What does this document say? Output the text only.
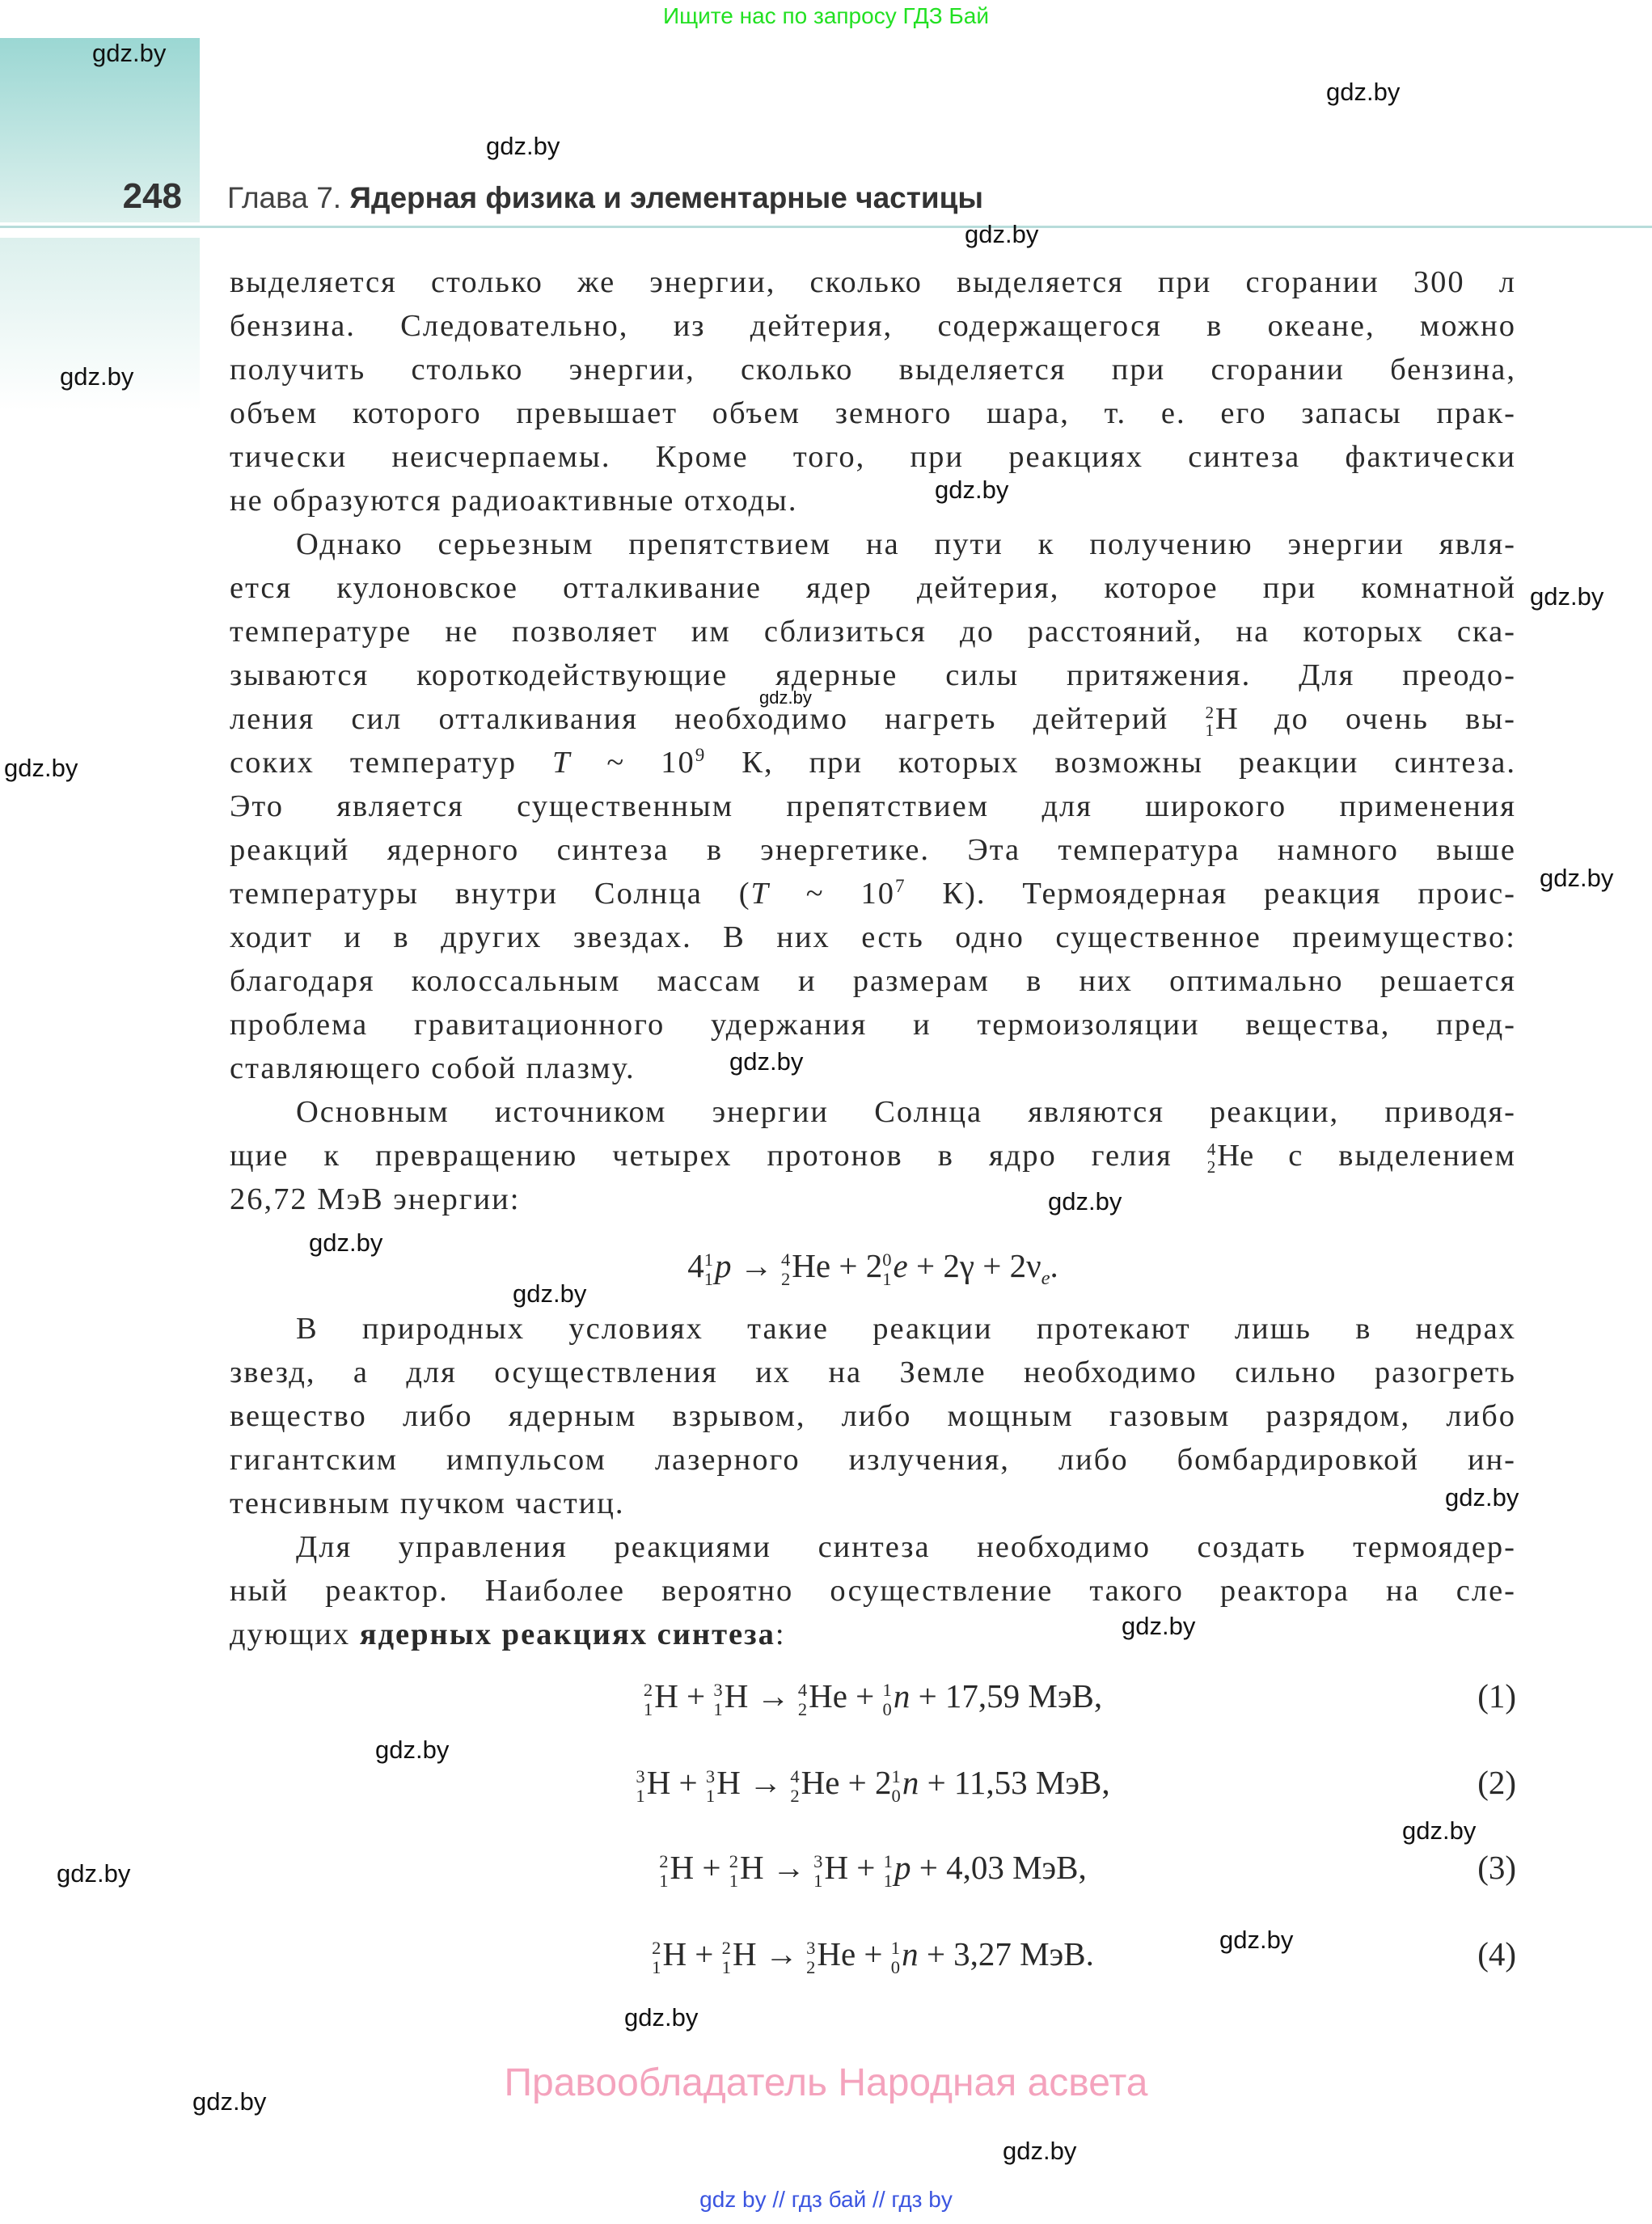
Ищите нас по запросу ГДЗ Бай
248 Глава 7. Ядерная физика и элементарные частицы
выделяется столько же энергии, сколько выделяется при сгорании 300 л
бензина. Следовательно, из дейтерия, содержащегося в океане, можно
получить столько энергии, сколько выделяется при сгорании бензина,
объем которого превышает объем земного шара, т. е. его запасы прак-
тически неисчерпаемы. Кроме того, при реакциях синтеза фактически
не образуются радиоактивные отходы.
Однако серьезным препятствием на пути к получению энергии явля-
ется кулоновское отталкивание ядер дейтерия, которое при комнатной
температуре не позволяет им сблизиться до расстояний, на которых ска-
зываются короткодействующие ядерные силы притяжения. Для преодо-
ления сил отталкивания необходимо нагреть дейтерий 2
1 H до очень вы-
соких температур T ~ $10^9$ К, при которых возможны реакции синтеза.
Это является существенным препятствием для широкого применения
реакций ядерного синтеза в энергетике. Эта температура намного выше
температуры внутри Солнца (T ~ $10^7$ К). Термоядерная реакция проис-
ходит и в других звездах. В них есть одно существенное преимущество:
благодаря колоссальным массам и размерам в них оптимально решается
проблема гравитационного удержания и термоизоляции вещества, пред-
ставляющего собой плазму.
Основным источником энергии Солнца являются реакции, приводя-
щие к превращению четырех протонов в ядро гелия 4
2 He с выделением
26,72 МэВ энергии:
4 1
1 p → 4
2 He + 2 0
1 $e + 2\gamma + 2\nu_e$.
В природных условиях такие реакции протекают лишь в недрах
звезд, а для осуществления их на Земле необходимо сильно разогреть
вещество либо ядерным взрывом, либо мощным газовым разрядом, либо
гигантским импульсом лазерного излучения, либо бомбардировкой ин-
тенсивным пучком частиц.
Для управления реакциями синтеза необходимо создать термоядер-
ный реактор. Наиболее вероятно осуществление такого реактора на сле-
дующих ядерных реакциях синтеза:
2
1 H + 3
1 H → 4
2 He + 1
0 n + 17,59 МэВ,	(1)
3
1 H + 3
1 H → 4
2 He + 2 1
0 n + 11,53 МэВ,	(2)
2
1 H + 2
1 H → 3
1 H + 1
1 p + 4,03 МэВ,	(3)
2
1 H + 2
1 H → 3
2 He + 1
0 n + 3,27 МэВ.	(4)
gdz.by
gdz.by
gdz.by
gdz.by
gdz.by
gdz.by
gdz.by
gdz.by
gdz.by
gdz.by
gdz.by
gdz.by
gdz.by
gdz.by
gdz.by
gdz.by
gdz.by
gdz.by
gdz.by
gdz.by
gdz.by
gdz.by
gdz.by
Правообладатель Народная асвета
gdz by // гдз бай // гдз by
